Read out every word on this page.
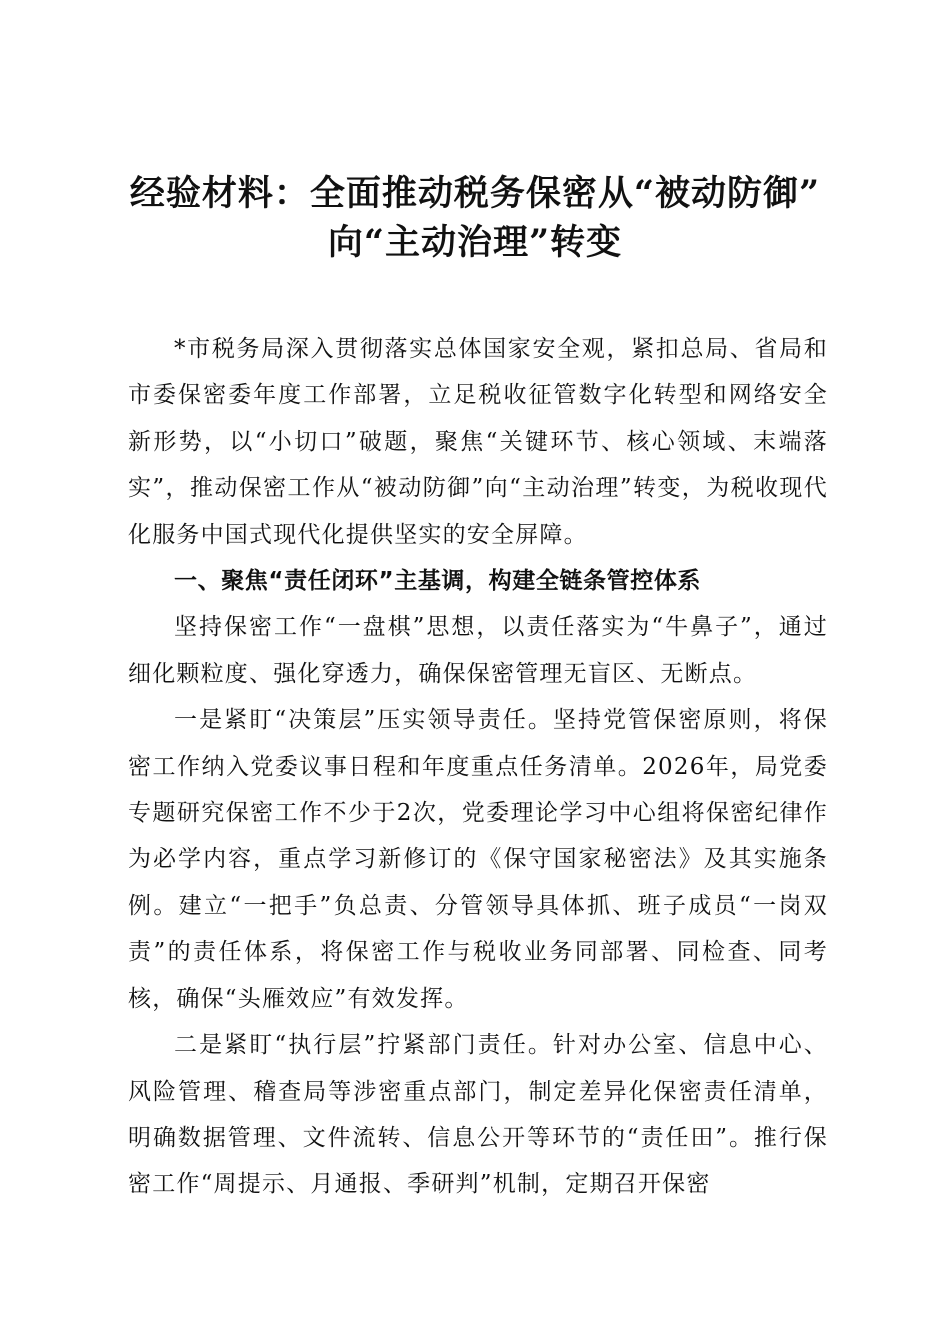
经验材料：全面推动税务保密从“被动防御”
向“主动治理”转变

*市税务局深入贯彻落实总体国家安全观，紧扣总局、省局和市委保密委年度工作部署，立足税收征管数字化转型和网络安全新形势，以“小切口”破题，聚焦“关键环节、核心领域、末端落实”，推动保密工作从“被动防御”向“主动治理”转变，为税收现代化服务中国式现代化提供坚实的安全屏障。

一、聚焦“责任闭环”主基调，构建全链条管控体系

坚持保密工作“一盘棋”思想，以责任落实为“牛鼻子”，通过细化颗粒度、强化穿透力，确保保密管理无盲区、无断点。

一是紧盯“决策层”压实领导责任。坚持党管保密原则，将保密工作纳入党委议事日程和年度重点任务清单。2026年，局党委专题研究保密工作不少于2次，党委理论学习中心组将保密纪律作为必学内容，重点学习新修订的《保守国家秘密法》及其实施条例。建立“一把手”负总责、分管领导具体抓、班子成员“一岗双责”的责任体系，将保密工作与税收业务同部署、同检查、同考核，确保“头雁效应”有效发挥。

二是紧盯“执行层”拧紧部门责任。针对办公室、信息中心、风险管理、稽查局等涉密重点部门，制定差异化保密责任清单，明确数据管理、文件流转、信息公开等环节的“责任田”。推行保密工作“周提示、月通报、季研判”机制，定期召开保密
